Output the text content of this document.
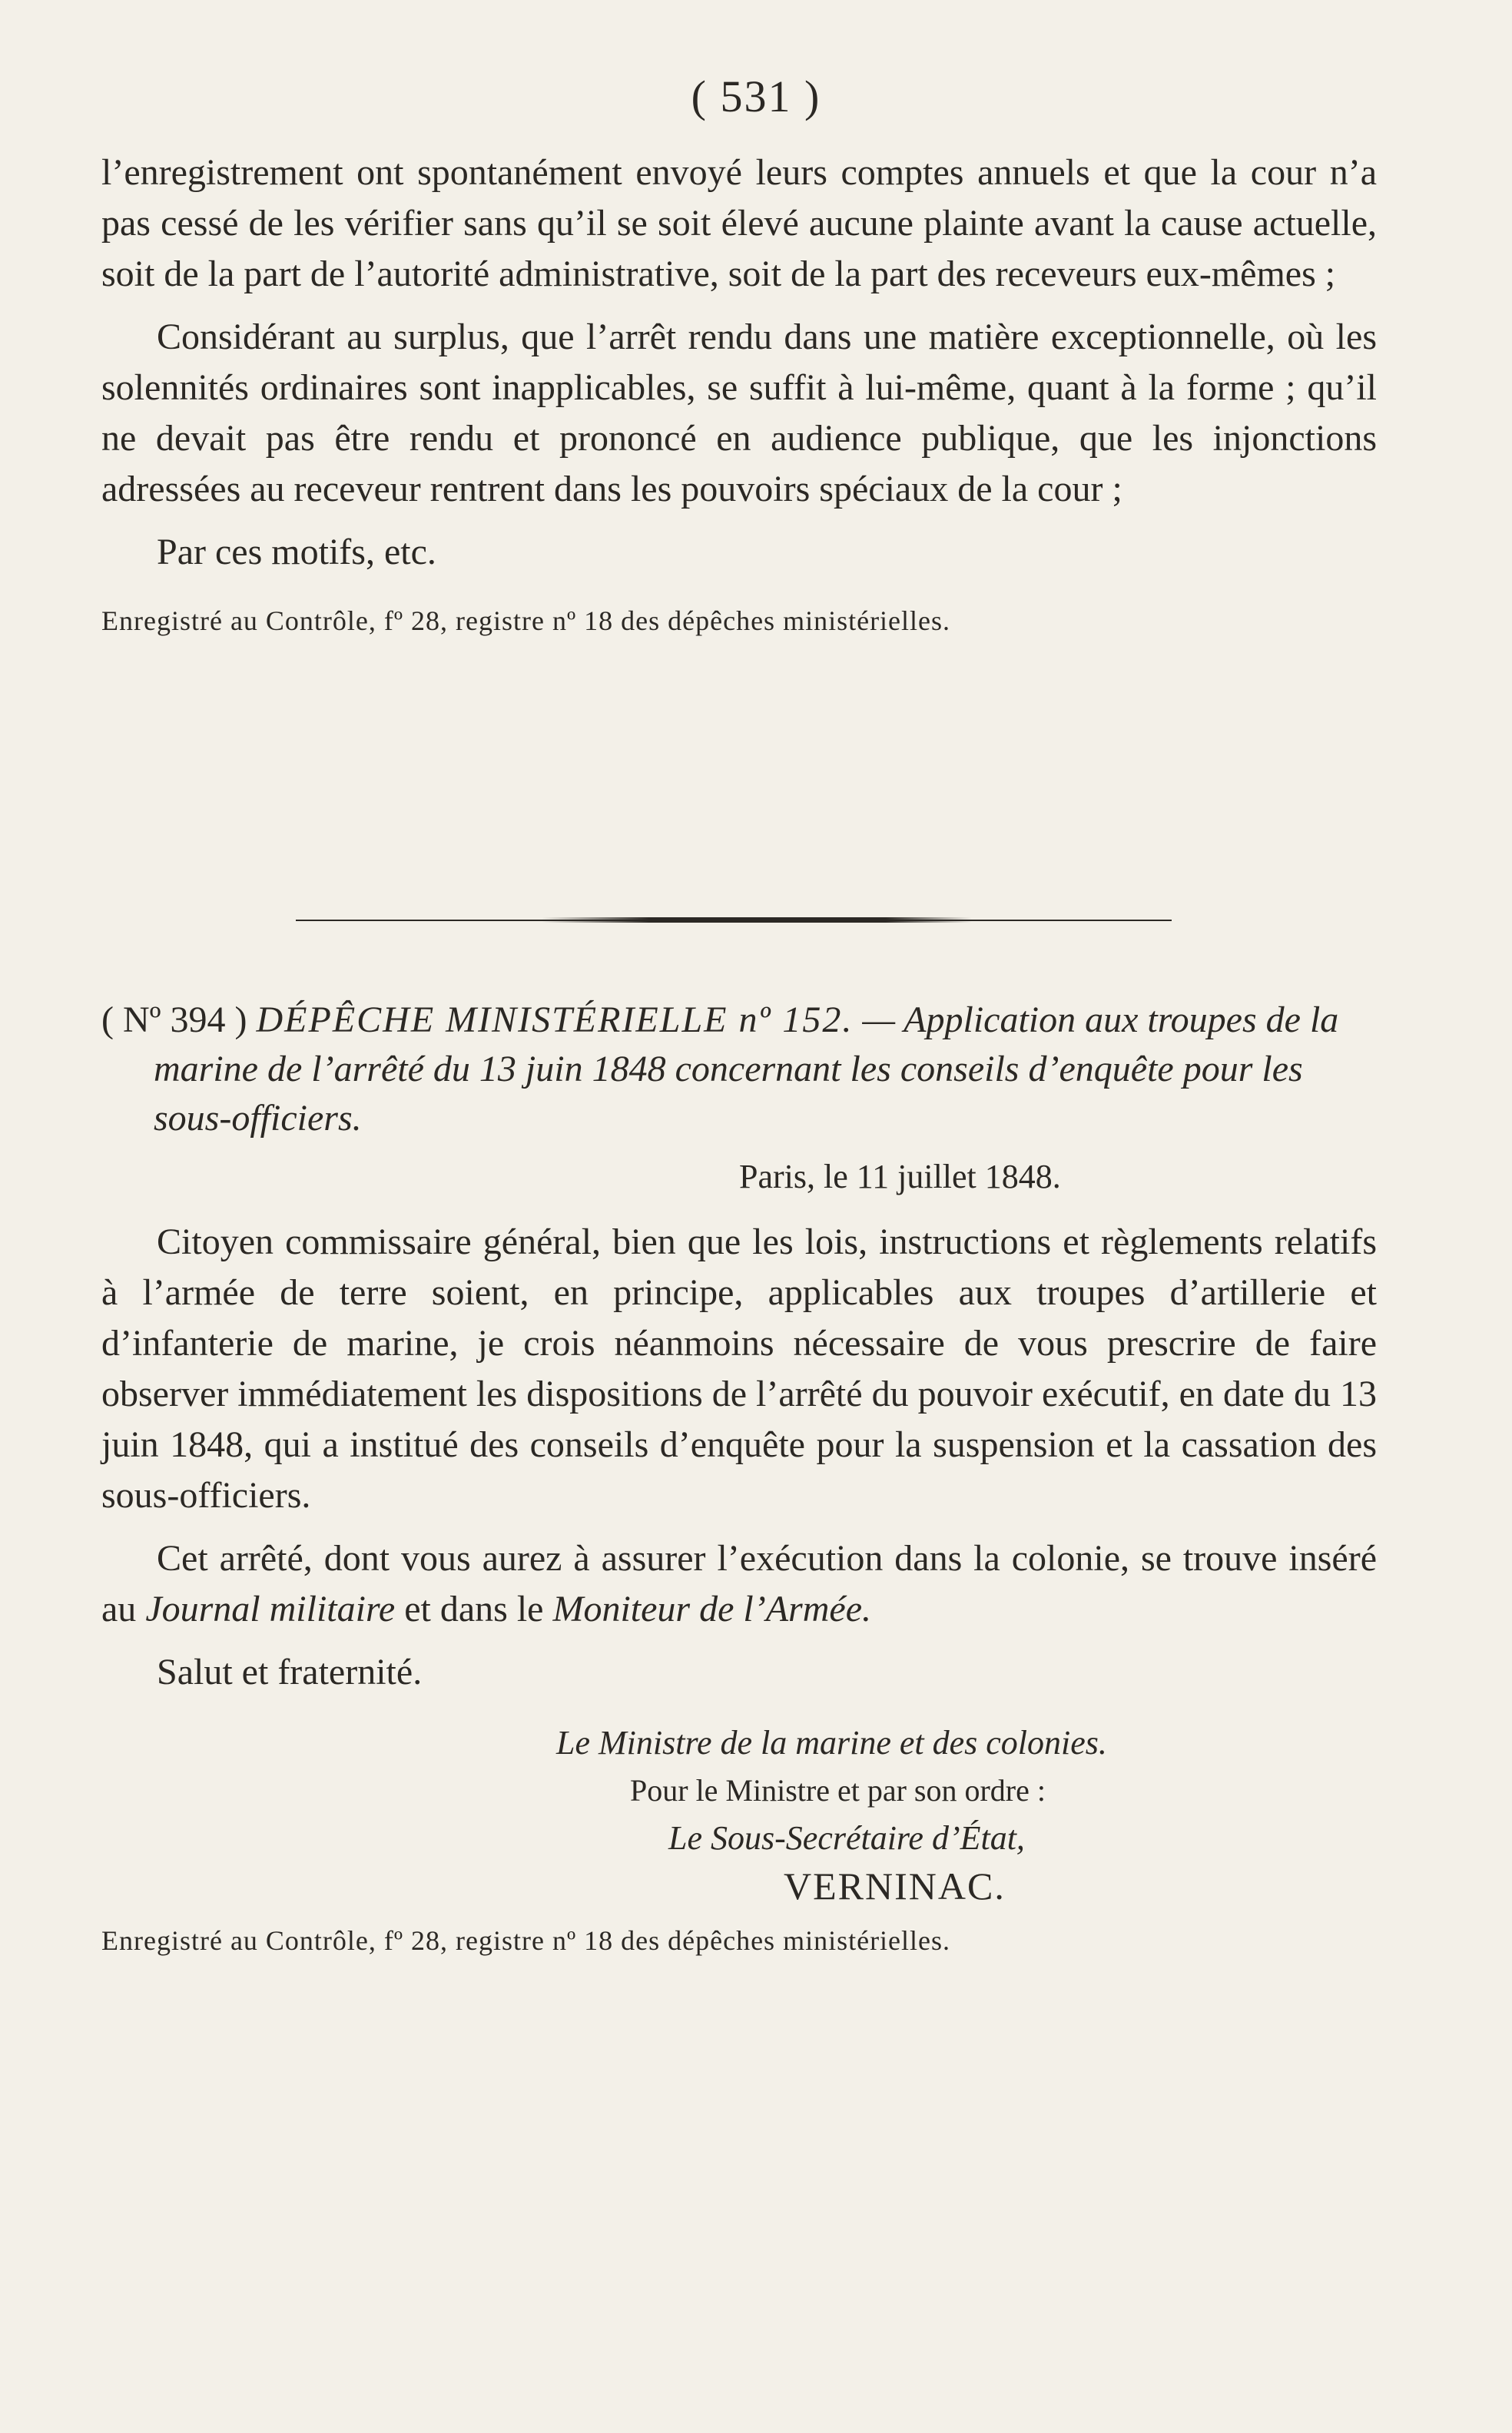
( 531 )

l’enregistrement ont spontanément envoyé leurs comptes annuels et que la cour n’a pas cessé de les vérifier sans qu’il se soit élevé aucune plainte avant la cause actuelle, soit de la part de l’autorité administrative, soit de la part des receveurs eux-mêmes ;

Considérant au surplus, que l’arrêt rendu dans une matière exceptionnelle, où les solennités ordinaires sont inapplicables, se suffit à lui-même, quant à la forme ; qu’il ne devait pas être rendu et prononcé en audience publique, que les injonctions adressées au receveur rentrent dans les pouvoirs spéciaux de la cour ;

Par ces motifs, etc.

Enregistré au Contrôle, fº 28, registre nº 18 des dépêches ministérielles.

( Nº 394 ) DÉPÊCHE MINISTÉRIELLE nº 152. — Application aux troupes de la marine de l’arrêté du 13 juin 1848 concernant les conseils d’enquête pour les sous-officiers.

Paris, le 11 juillet 1848.

Citoyen commissaire général, bien que les lois, instructions et règlements relatifs à l’armée de terre soient, en principe, applicables aux troupes d’artillerie et d’infanterie de marine, je crois néanmoins nécessaire de vous prescrire de faire observer immédiatement les dispositions de l’arrêté du pouvoir exécutif, en date du 13 juin 1848, qui a institué des conseils d’enquête pour la suspension et la cassation des sous-officiers.

Cet arrêté, dont vous aurez à assurer l’exécution dans la colonie, se trouve inséré au Journal militaire et dans le Moniteur de l’Armée.

Salut et fraternité.

Le Ministre de la marine et des colonies.

Pour le Ministre et par son ordre :

Le Sous-Secrétaire d’État,

VERNINAC.

Enregistré au Contrôle, fº 28, registre nº 18 des dépêches ministérielles.
